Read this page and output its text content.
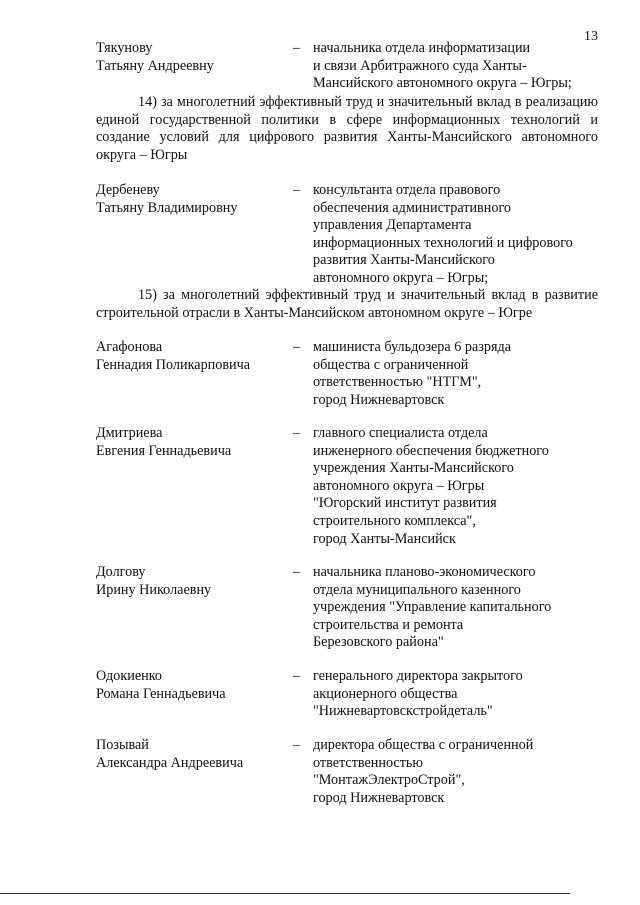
13
Тякунову
Татьяну Андреевну
– начальника отдела информатизации
и связи Арбитражного суда Ханты-
Мансийского автономного округа – Югры;
14) за многолетний эффективный труд и значительный вклад в реализацию единой государственной политики в сфере информационных технологий и создание условий для цифрового развития Ханты-Мансийского автономного округа – Югры
Дербеневу
Татьяну Владимировну
– консультанта отдела правового
обеспечения административного
управления Департамента
информационных технологий и цифрового
развития Ханты-Мансийского
автономного округа – Югры;
15) за многолетний эффективный труд и значительный вклад в развитие строительной отрасли в Ханты-Мансийском автономном округе – Югре
Агафонова
Геннадия Поликарповича
– машиниста бульдозера 6 разряда
общества с ограниченной
ответственностью "НТГМ",
город Нижневартовск
Дмитриева
Евгения Геннадьевича
– главного специалиста отдела
инженерного обеспечения бюджетного
учреждения Ханты-Мансийского
автономного округа – Югры
"Югорский институт развития
строительного комплекса",
город Ханты-Мансийск
Долгову
Ирину Николаевну
– начальника планово-экономического
отдела муниципального казенного
учреждения "Управление капитального
строительства и ремонта
Березовского района"
Одокиенко
Романа Геннадьевича
– генерального директора закрытого
акционерного общества
"Нижневартовскстройдеталь"
Позывай
Александра Андреевича
– директора общества с ограниченной
ответственностью
"МонтажЭлектроСтрой",
город Нижневартовск
